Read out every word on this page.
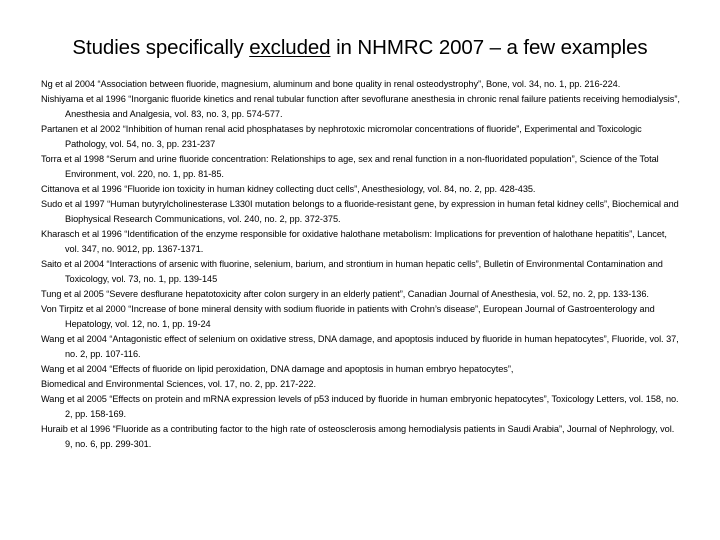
Studies specifically excluded in NHMRC 2007 – a few examples
Ng et al 2004 “Association between fluoride, magnesium, aluminum and bone quality in renal osteodystrophy”, Bone, vol. 34, no. 1, pp. 216-224.
Nishiyama et al 1996 “Inorganic fluoride kinetics and renal tubular function after sevoflurane anesthesia in chronic renal failure patients receiving hemodialysis”, Anesthesia and Analgesia, vol. 83, no. 3, pp. 574-577.
Partanen et al 2002 “Inhibition of human renal acid phosphatases by nephrotoxic micromolar concentrations of fluoride”, Experimental and Toxicologic Pathology, vol. 54, no. 3, pp. 231-237
Torra et al 1998 “Serum and urine fluoride concentration: Relationships to age, sex and renal function in a non-fluoridated population”, Science of the Total Environment, vol. 220, no. 1, pp. 81-85.
Cittanova et al 1996 “Fluoride ion toxicity in human kidney collecting duct cells”, Anesthesiology, vol. 84, no. 2, pp. 428-435.
Sudo et al 1997 “Human butyrylcholinesterase L330I mutation belongs to a fluoride-resistant gene, by expression in human fetal kidney cells”, Biochemical and Biophysical Research Communications, vol. 240, no. 2, pp. 372-375.
Kharasch et al 1996 “Identification of the enzyme responsible for oxidative halothane metabolism: Implications for prevention of halothane hepatitis”, Lancet, vol. 347, no. 9012, pp. 1367-1371.
Saito et al 2004 “Interactions of arsenic with fluorine, selenium, barium, and strontium in human hepatic cells”, Bulletin of Environmental Contamination and Toxicology, vol. 73, no. 1, pp. 139-145
Tung et al 2005 “Severe desflurane hepatotoxicity after colon surgery in an elderly patient”, Canadian Journal of Anesthesia, vol. 52, no. 2, pp. 133-136.
Von Tirpitz et al 2000 “Increase of bone mineral density with sodium fluoride in patients with Crohn’s disease”, European Journal of Gastroenterology and Hepatology, vol. 12, no. 1, pp. 19-24
Wang et al 2004 “Antagonistic effect of selenium on oxidative stress, DNA damage, and apoptosis induced by fluoride in human hepatocytes”, Fluoride, vol. 37, no. 2, pp. 107-116.
Wang et al 2004 “Effects of fluoride on lipid peroxidation, DNA damage and apoptosis in human embryo hepatocytes”,
Biomedical and Environmental Sciences, vol. 17, no. 2, pp. 217-222.
Wang et al 2005 “Effects on protein and mRNA expression levels of p53 induced by fluoride in human embryonic hepatocytes”, Toxicology Letters, vol. 158, no. 2, pp. 158-169.
Huraib et al 1996 “Fluoride as a contributing factor to the high rate of osteosclerosis among hemodialysis patients in Saudi Arabia”, Journal of Nephrology, vol. 9, no. 6, pp. 299-301.
